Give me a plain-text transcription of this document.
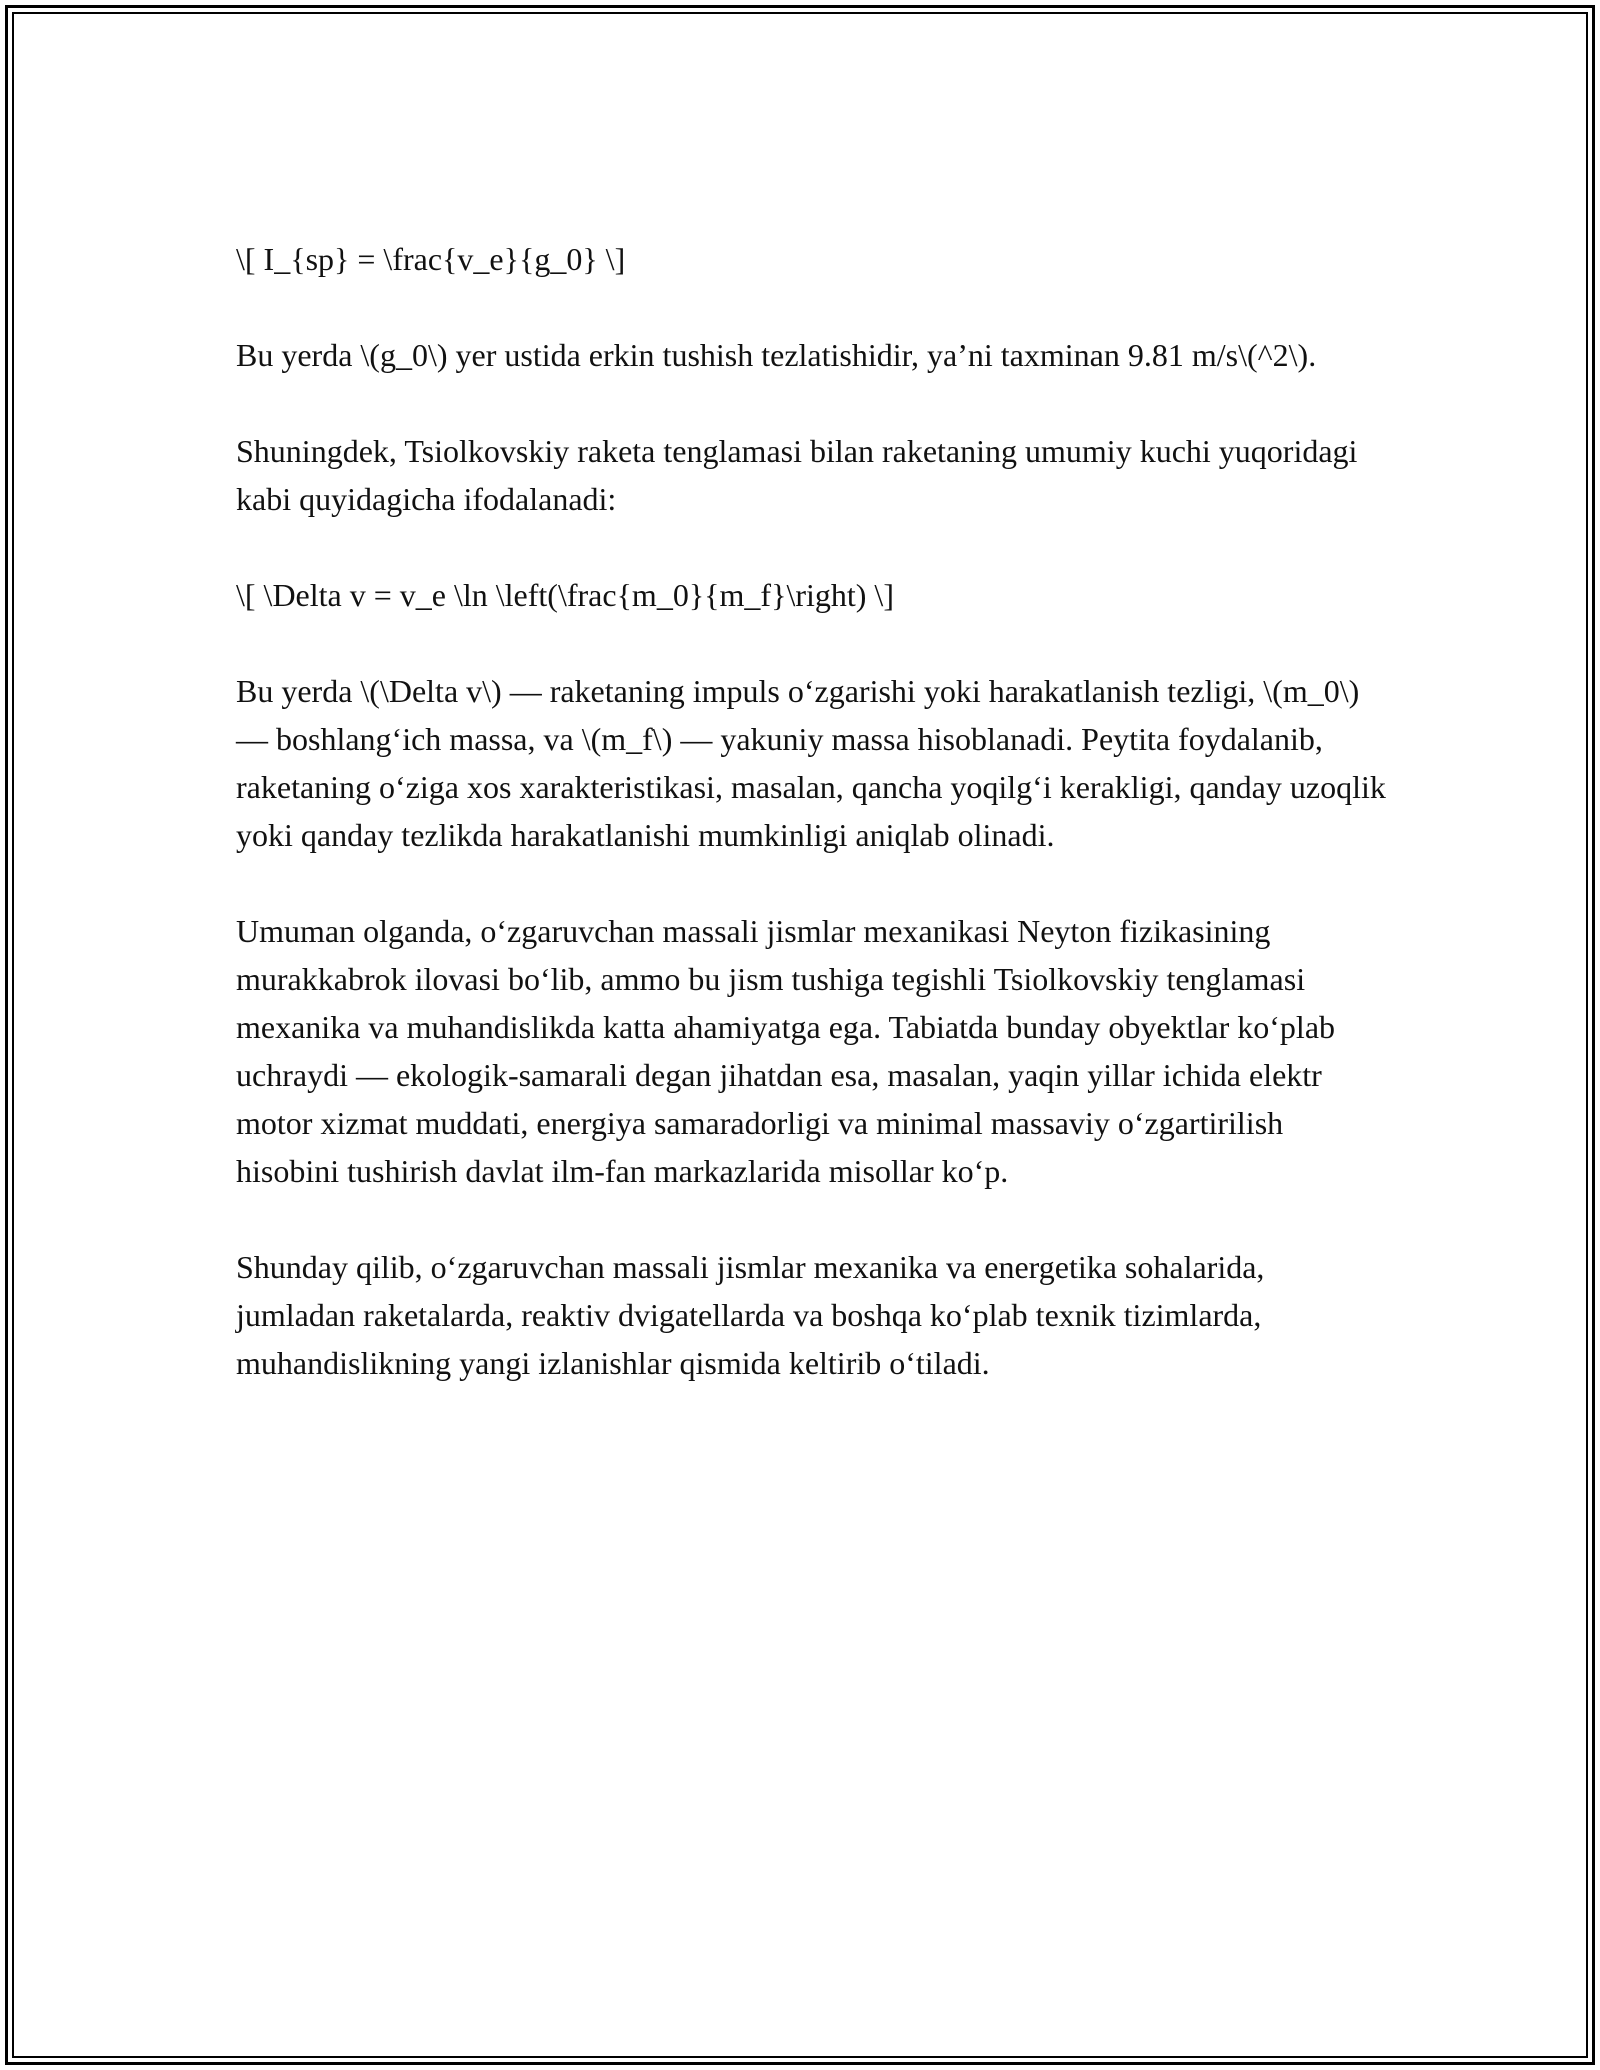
\[ I_{sp} = \frac{v_e}{g_0} \]

Bu yerda \(g_0\) yer ustida erkin tushish tezlatishidir, ya’ni taxminan 9.81 m/s\(^2\).

Shuningdek, Tsiolkovskiy raketa tenglamasi bilan raketaning umumiy kuchi yuqoridagi kabi quyidagicha ifodalanadi:

\[ \Delta v = v_e \ln \left(\frac{m_0}{m_f}\right) \]

Bu yerda \(\Delta v\) — raketaning impuls o‘zgarishi yoki harakatlanish tezligi, \(m_0\) — boshlang‘ich massa, va \(m_f\) — yakuniy massa hisoblanadi. Peytita foydalanib, raketaning o‘ziga xos xarakteristikasi, masalan, qancha yoqilg‘i kerakligi, qanday uzoqlik yoki qanday tezlikda harakatlanishi mumkinligi aniqlab olinadi.

Umuman olganda, o‘zgaruvchan massali jismlar mexanikasi Neyton fizikasining murakkabrok ilovasi bo‘lib, ammo bu jism tushiga tegishli Tsiolkovskiy tenglamasi mexanika va muhandislikda katta ahamiyatga ega. Tabiatda bunday obyektlar ko‘plab uchraydi — ekologik-samarali degan jihatdan esa, masalan, yaqin yillar ichida elektr motor xizmat muddati, energiya samaradorligi va minimal massaviy o‘zgartirilish hisobini tushirish davlat ilm-fan markazlarida misollar ko‘p.

Shunday qilib, o‘zgaruvchan massali jismlar mexanika va energetika sohalarida, jumladan raketalarda, reaktiv dvigatellarda va boshqa ko‘plab texnik tizimlarda, muhandislikning yangi izlanishlar qismida keltirib o‘tiladi.
